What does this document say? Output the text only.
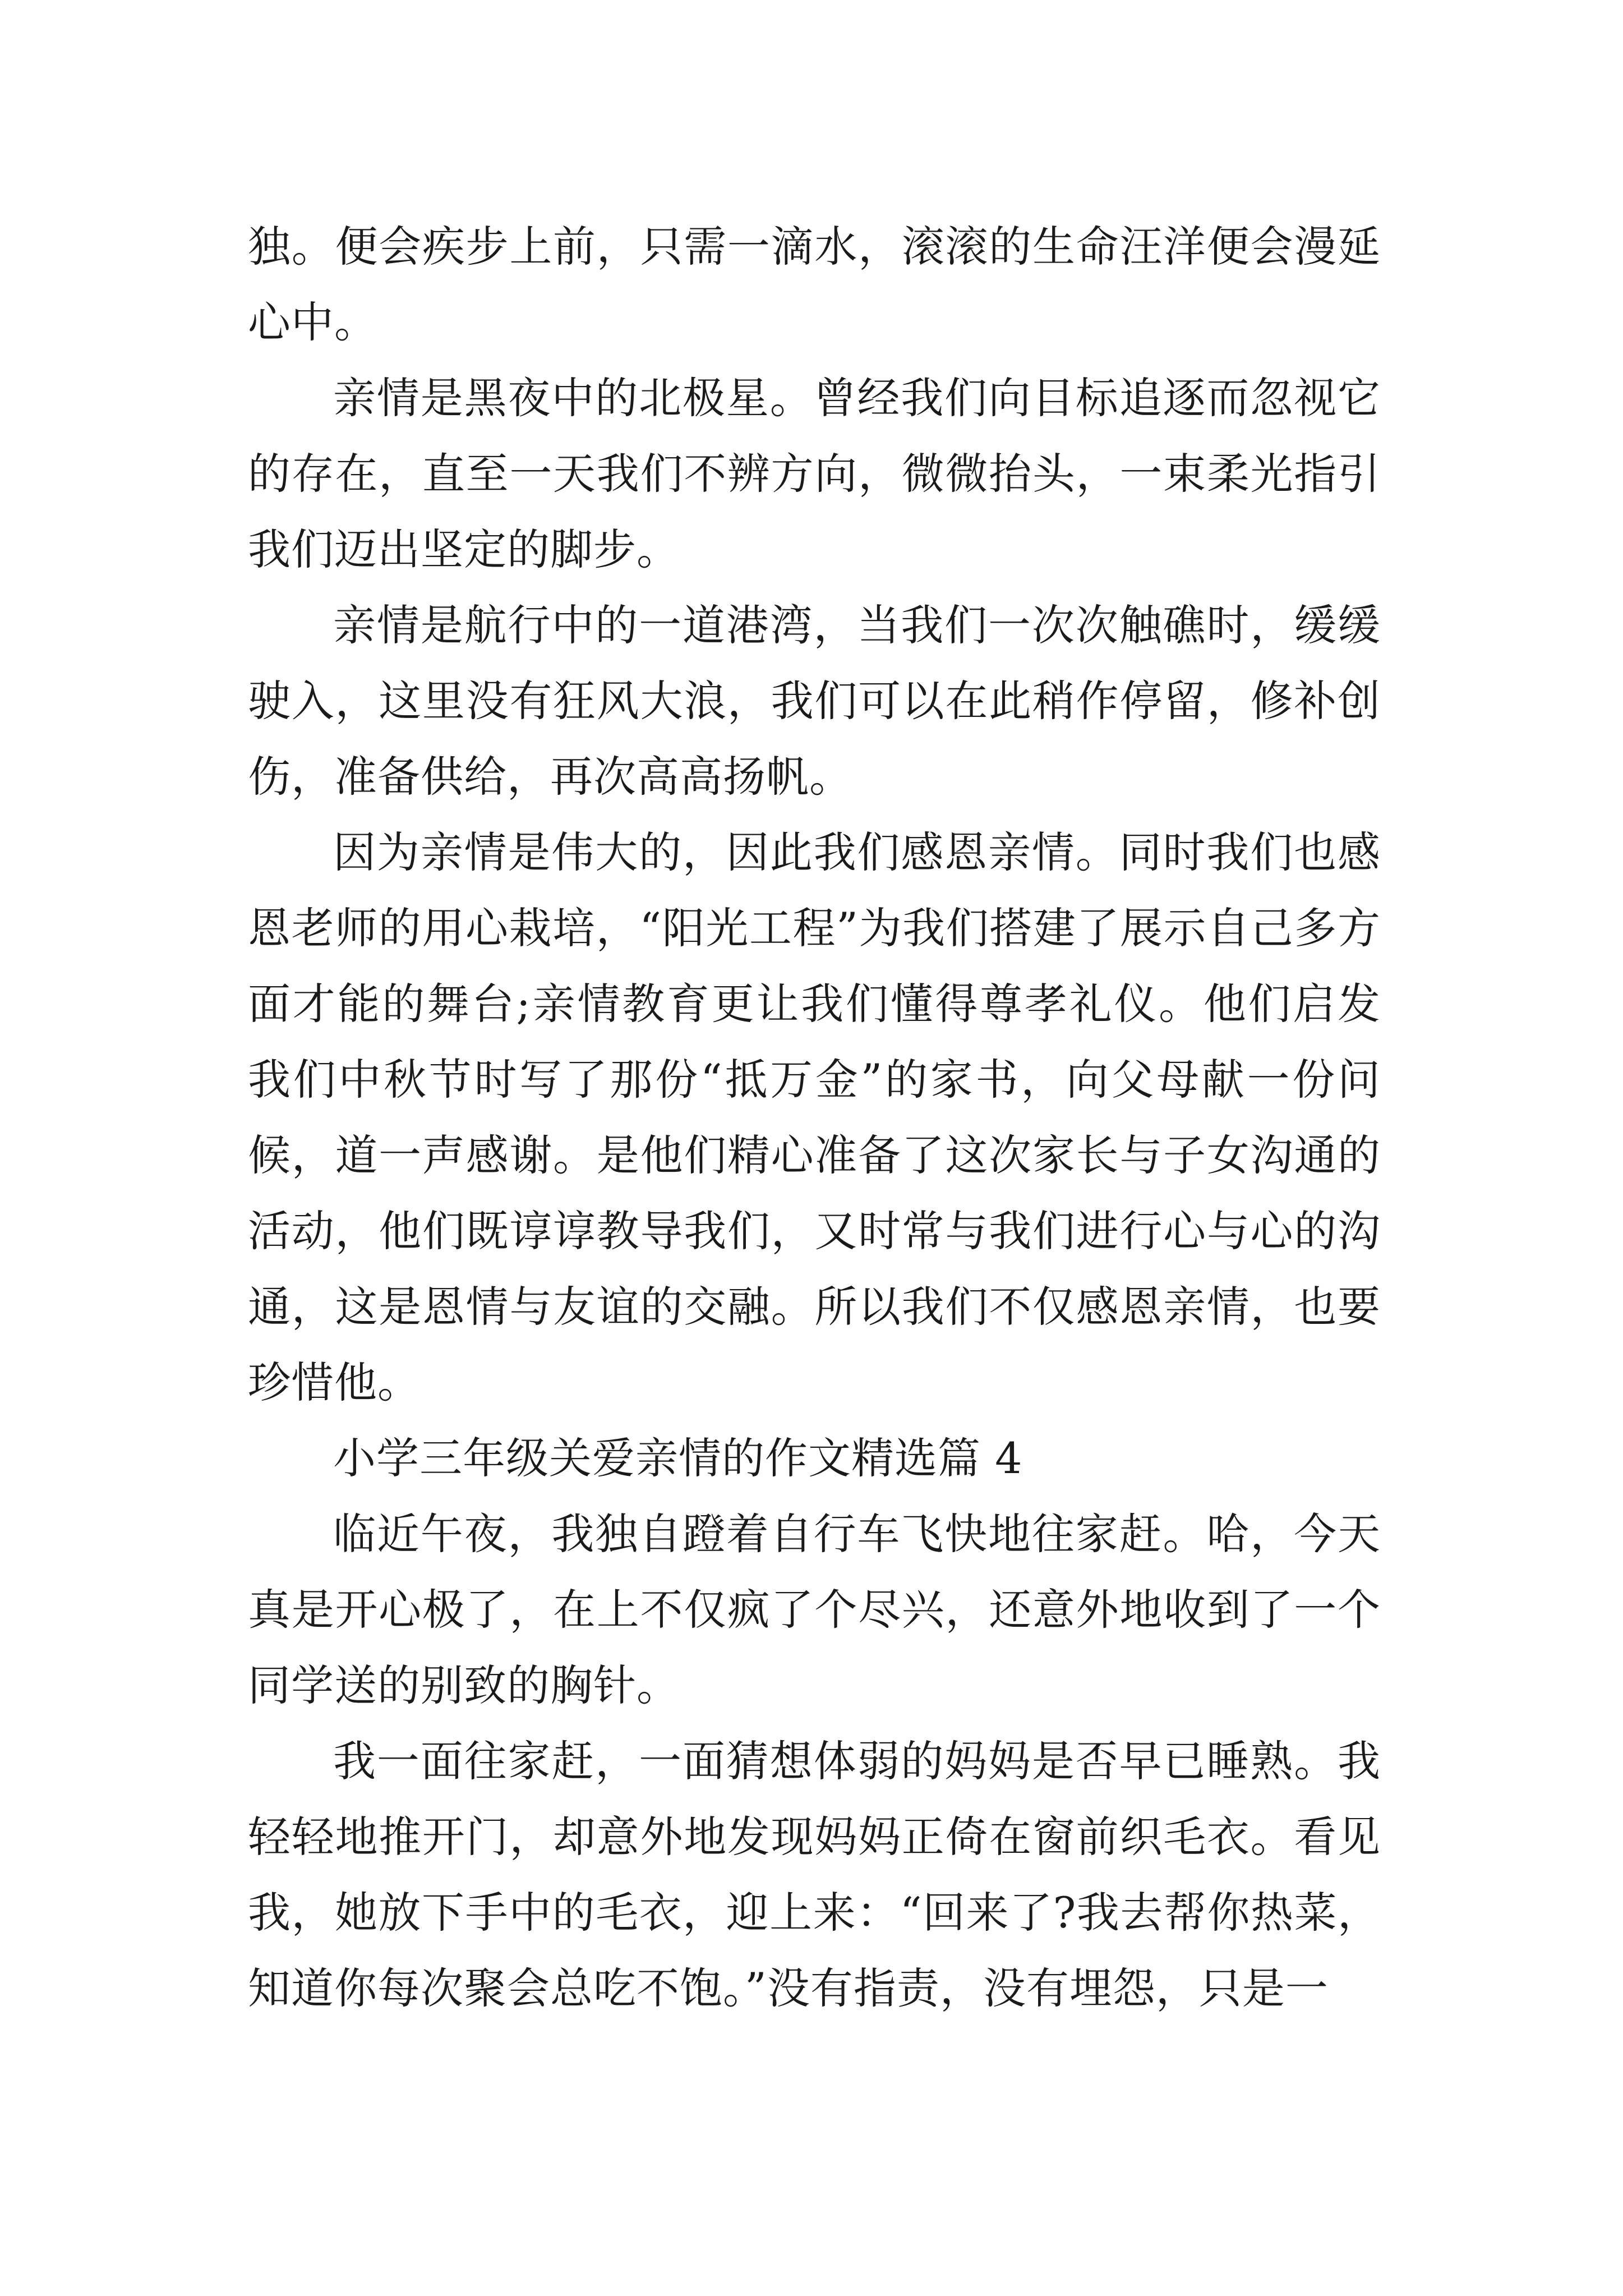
独。便会疾步上前，只需一滴水，滚滚的生命汪洋便会漫延心中。

亲情是黑夜中的北极星。曾经我们向目标追逐而忽视它的存在，直至一天我们不辨方向，微微抬头，一束柔光指引我们迈出坚定的脚步。

亲情是航行中的一道港湾，当我们一次次触礁时，缓缓驶入，这里没有狂风大浪，我们可以在此稍作停留，修补创伤，准备供给，再次高高扬帆。

因为亲情是伟大的，因此我们感恩亲情。同时我们也感恩老师的用心栽培，“阳光工程”为我们搭建了展示自己多方面才能的舞台;亲情教育更让我们懂得尊孝礼仪。他们启发我们中秋节时写了那份“抵万金”的家书，向父母献一份问候，道一声感谢。是他们精心准备了这次家长与子女沟通的活动，他们既谆谆教导我们，又时常与我们进行心与心的沟通，这是恩情与友谊的交融。所以我们不仅感恩亲情，也要珍惜他。

小学三年级关爱亲情的作文精选篇 4

临近午夜，我独自蹬着自行车飞快地往家赶。哈，今天真是开心极了，在上不仅疯了个尽兴，还意外地收到了一个同学送的别致的胸针。

我一面往家赶，一面猜想体弱的妈妈是否早已睡熟。我轻轻地推开门，却意外地发现妈妈正倚在窗前织毛衣。看见我，她放下手中的毛衣，迎上来：“回来了?我去帮你热菜，知道你每次聚会总吃不饱。”没有指责，没有埋怨，只是一
